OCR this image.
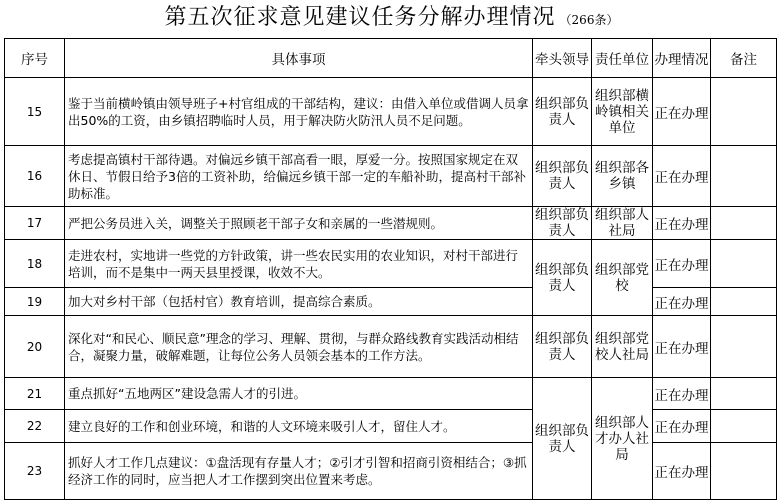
第五次征求意见建议任务分解办理情况 （266条）
序号	具体事项	牵头领导	责任单位	办理情况	备注
15	鉴于当前横岭镇由领导班子+村官组成的干部结构，建议：由借入单位或借调人员拿出50%的工资，由乡镇招聘临时人员，用于解决防火防汛人员不足问题。	组织部负责人	组织部横岭镇相关单位	正在办理	
16	考虑提高镇村干部待遇。对偏远乡镇干部高看一眼，厚爱一分。按照国家规定在双休日、节假日给予3倍的工资补助，给偏远乡镇干部一定的车船补助，提高村干部补助标准。	组织部负责人	组织部各乡镇	正在办理	
17	严把公务员进入关，调整关于照顾老干部子女和亲属的一些潜规则。	组织部负责人	组织部人社局	正在办理	
18	走进农村，实地讲一些党的方针政策，讲一些农民实用的农业知识，对村干部进行培训，而不是集中一两天县里授课，收效不大。	组织部负责人	组织部党 校	正在办理	
19	加大对乡村干部（包括村官）教育培训，提高综合素质。			正在办理	
20	深化对“和民心、顺民意”理念的学习、理解、贯彻，与群众路线教育实践活动相结合，凝聚力量，破解难题，让每位公务人员领会基本的工作方法。	组织部负责人	组织部党 校人社局	正在办理	
21	重点抓好“五地两区”建设急需人才的引进。	组织部负责人	组织部人才办人社局	正在办理	
22	建立良好的工作和创业环境，和谐的人文环境来吸引人才，留住人才。			正在办理	
23	抓好人才工作几点建议：①盘活现有存量人才；②引才引智和招商引资相结合；③抓经济工作的同时，应当把人才工作摆到突出位置来考虑。			正在办理	
